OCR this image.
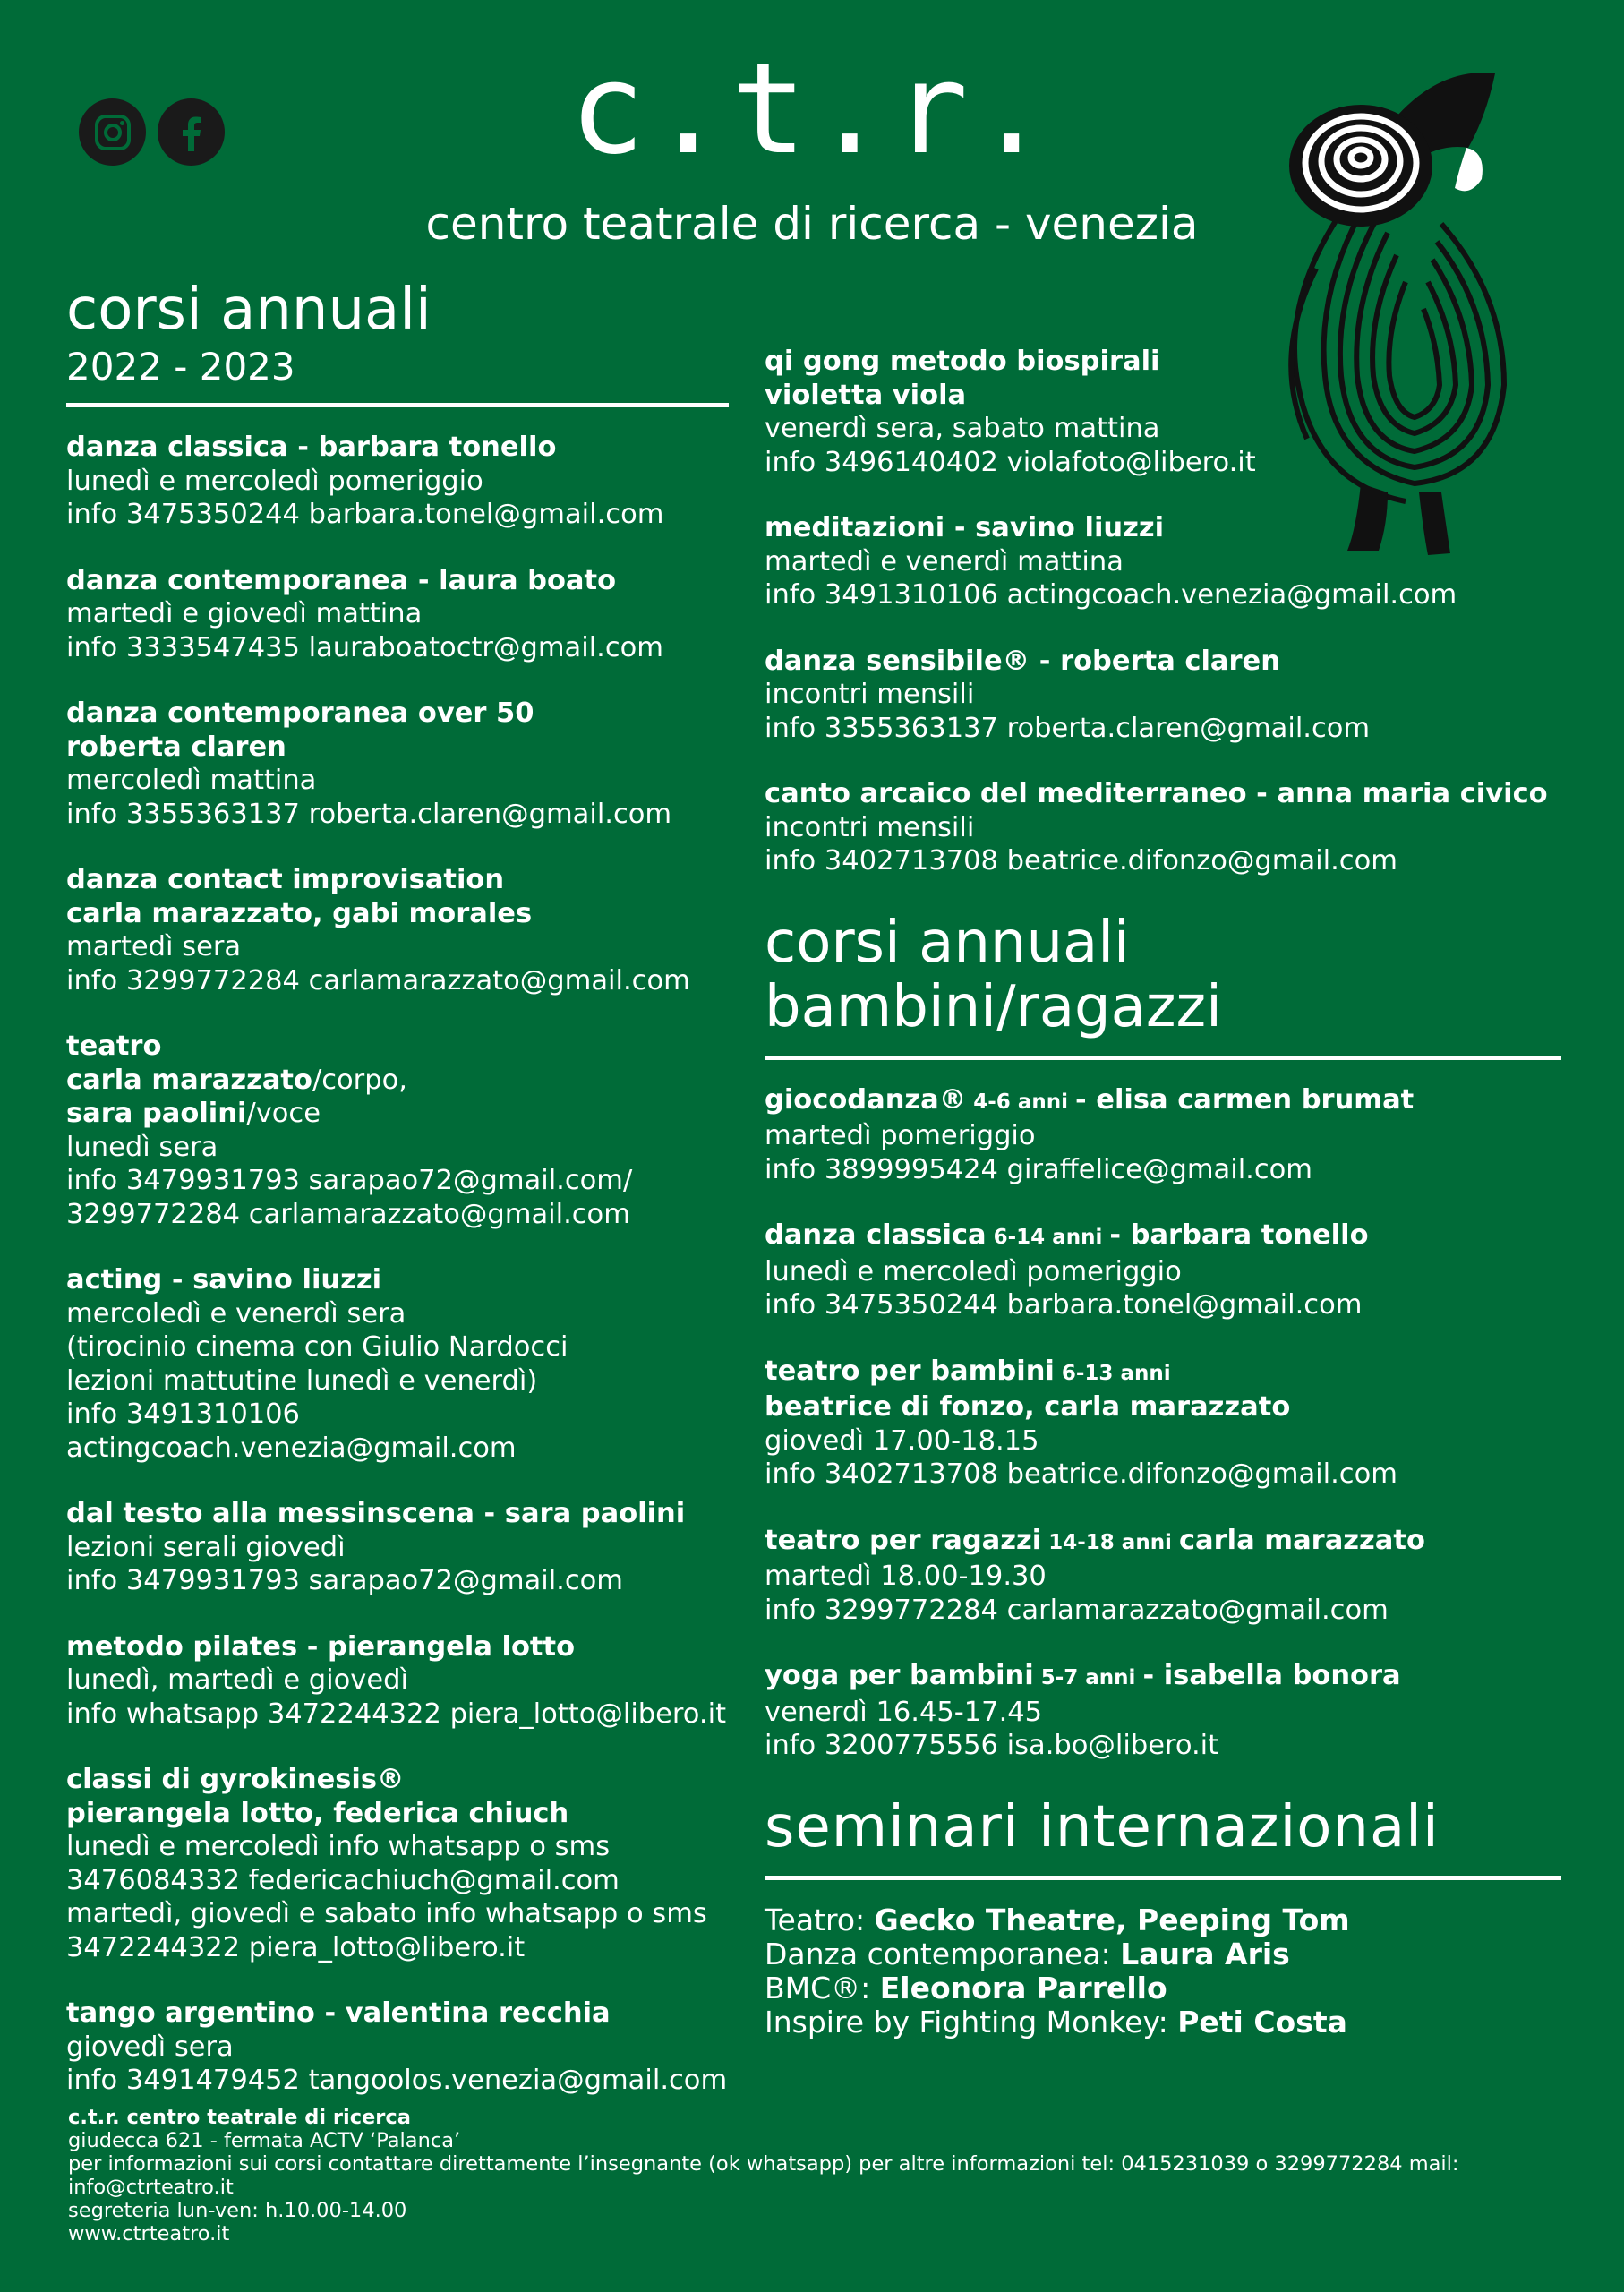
c.t.r.
centro teatrale di ricerca - venezia
corsi annuali
2022 - 2023
danza classica - barbara tonello
lunedì e mercoledì pomeriggio
info 3475350244 barbara.tonel@gmail.com
danza contemporanea - laura boato
martedì e giovedì mattina
info 3333547435 lauraboatoctr@gmail.com
danza contemporanea over 50
roberta claren
mercoledì mattina
info 3355363137 roberta.claren@gmail.com
danza contact improvisation
carla marazzato, gabi morales
martedì sera
info 3299772284 carlamarazzato@gmail.com
teatro
carla marazzato/corpo,
sara paolini/voce
lunedì sera
info 3479931793 sarapao72@gmail.com/
3299772284 carlamarazzato@gmail.com
acting - savino liuzzi
mercoledì e venerdì sera
(tirocinio cinema con Giulio Nardocci
lezioni mattutine lunedì e venerdì)
info 3491310106 actingcoach.venezia@gmail.com
dal testo alla messinscena - sara paolini
lezioni serali giovedì
info 3479931793 sarapao72@gmail.com
metodo pilates - pierangela lotto
lunedì, martedì e giovedì
info whatsapp 3472244322 piera_lotto@libero.it
classi di gyrokinesis®
pierangela lotto, federica chiuch
lunedì e mercoledì info whatsapp o sms
3476084332 federicachiuch@gmail.com
martedì, giovedì e sabato info whatsapp o sms
3472244322 piera_lotto@libero.it
tango argentino - valentina recchia
giovedì sera
info 3491479452 tangoolos.venezia@gmail.com
qi gong metodo biospirali
violetta viola
venerdì sera, sabato mattina
info 3496140402 violafoto@libero.it
meditazioni - savino liuzzi
martedì e venerdì mattina
info 3491310106 actingcoach.venezia@gmail.com
danza sensibile® - roberta claren
incontri mensili
info 3355363137 roberta.claren@gmail.com
canto arcaico del mediterraneo - anna maria civico
incontri mensili
info 3402713708 beatrice.difonzo@gmail.com
corsi annuali
bambini/ragazzi
giocodanza® 4-6 anni - elisa carmen brumat
martedì pomeriggio
info 3899995424 giraffelice@gmail.com
danza classica 6-14 anni - barbara tonello
lunedì e mercoledì pomeriggio
info 3475350244 barbara.tonel@gmail.com
teatro per bambini 6-13 anni
beatrice di fonzo, carla marazzato
giovedì 17.00-18.15
info 3402713708 beatrice.difonzo@gmail.com
teatro per ragazzi 14-18 anni carla marazzato
martedì 18.00-19.30
info 3299772284 carlamarazzato@gmail.com
yoga per bambini 5-7 anni - isabella bonora
venerdì 16.45-17.45
info 3200775556 isa.bo@libero.it
seminari internazionali
Teatro: Gecko Theatre, Peeping Tom
Danza contemporanea: Laura Aris
BMC®: Eleonora Parrello
Inspire by Fighting Monkey: Peti Costa
c.t.r. centro teatrale di ricerca
giudecca 621 - fermata ACTV ‘Palanca’
per informazioni sui corsi contattare direttamente l’insegnante (ok whatsapp) per altre informazioni tel: 0415231039 o 3299772284 mail: info@ctrteatro.it
segreteria lun-ven: h.10.00-14.00
www.ctrteatro.it
